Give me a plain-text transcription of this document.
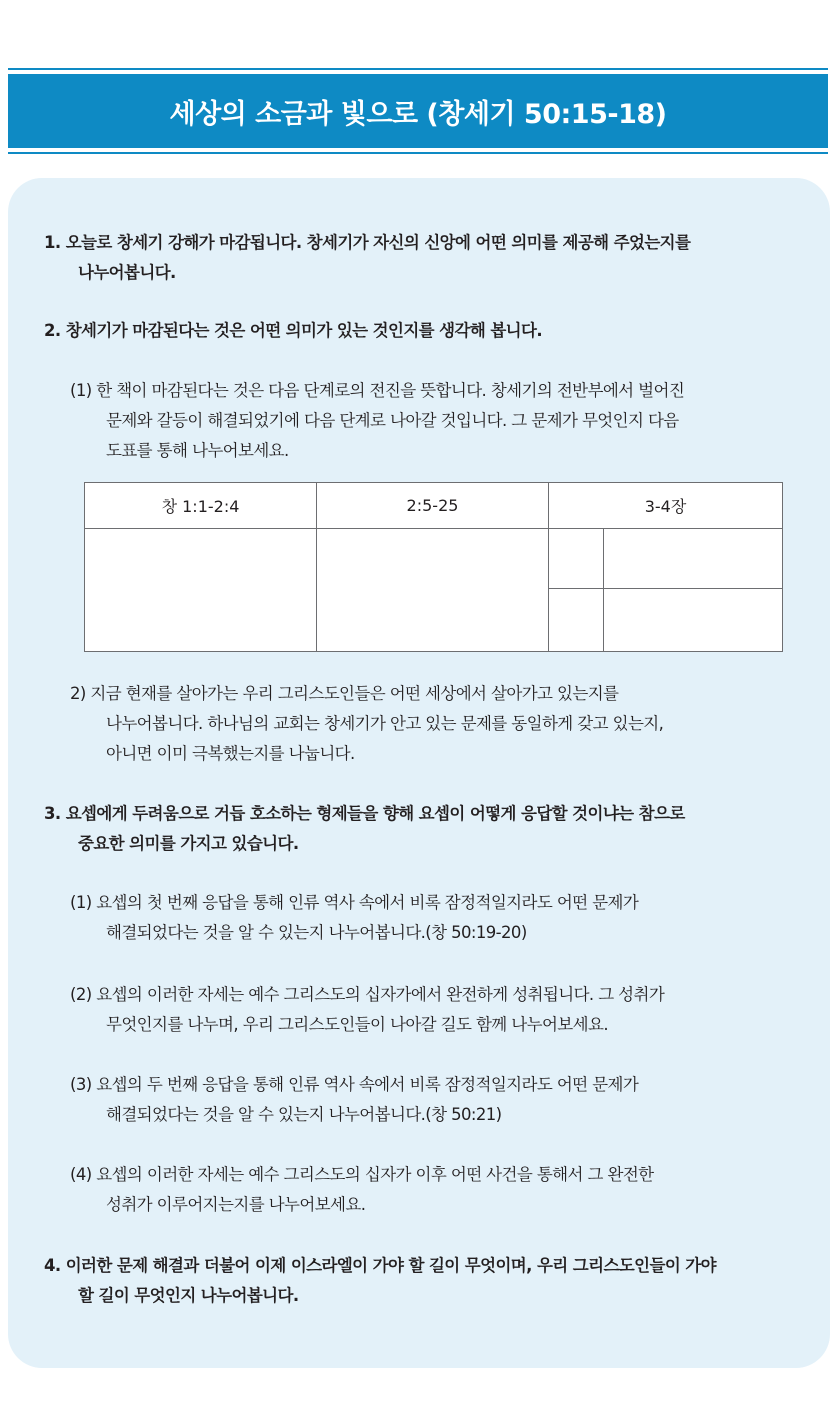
세상의 소금과 빛으로 (창세기 50:15-18)
1. 오늘로 창세기 강해가 마감됩니다. 창세기가 자신의 신앙에 어떤 의미를 제공해 주었는지를
나누어봅니다.
2. 창세기가 마감된다는 것은 어떤 의미가 있는 것인지를 생각해 봅니다.
(1) 한 책이 마감된다는 것은 다음 단계로의 전진을 뜻합니다. 창세기의 전반부에서 벌어진
문제와 갈등이 해결되었기에 다음 단계로 나아갈 것입니다. 그 문제가 무엇인지 다음
도표를 통해 나누어보세요.
창 1:1-2:4	2:5-25	3-4장	

2) 지금 현재를 살아가는 우리 그리스도인들은 어떤 세상에서 살아가고 있는지를
나누어봅니다. 하나님의 교회는 창세기가 안고 있는 문제를 동일하게 갖고 있는지,
아니면 이미 극복했는지를 나눕니다.
3. 요셉에게 두려움으로 거듭 호소하는 형제들을 향해 요셉이 어떻게 응답할 것이냐는 참으로
중요한 의미를 가지고 있습니다.
(1) 요셉의 첫 번째 응답을 통해 인류 역사 속에서 비록 잠정적일지라도 어떤 문제가
해결되었다는 것을 알 수 있는지 나누어봅니다.(창 50:19-20)
(2) 요셉의 이러한 자세는 예수 그리스도의 십자가에서 완전하게 성취됩니다. 그 성취가
무엇인지를 나누며, 우리 그리스도인들이 나아갈 길도 함께 나누어보세요.
(3) 요셉의 두 번째 응답을 통해 인류 역사 속에서 비록 잠정적일지라도 어떤 문제가
해결되었다는 것을 알 수 있는지 나누어봅니다.(창 50:21)
(4) 요셉의 이러한 자세는 예수 그리스도의 십자가 이후 어떤 사건을 통해서 그 완전한
성취가 이루어지는지를 나누어보세요.
4. 이러한 문제 해결과 더불어 이제 이스라엘이 가야 할 길이 무엇이며, 우리 그리스도인들이 가야
할 길이 무엇인지 나누어봅니다.
